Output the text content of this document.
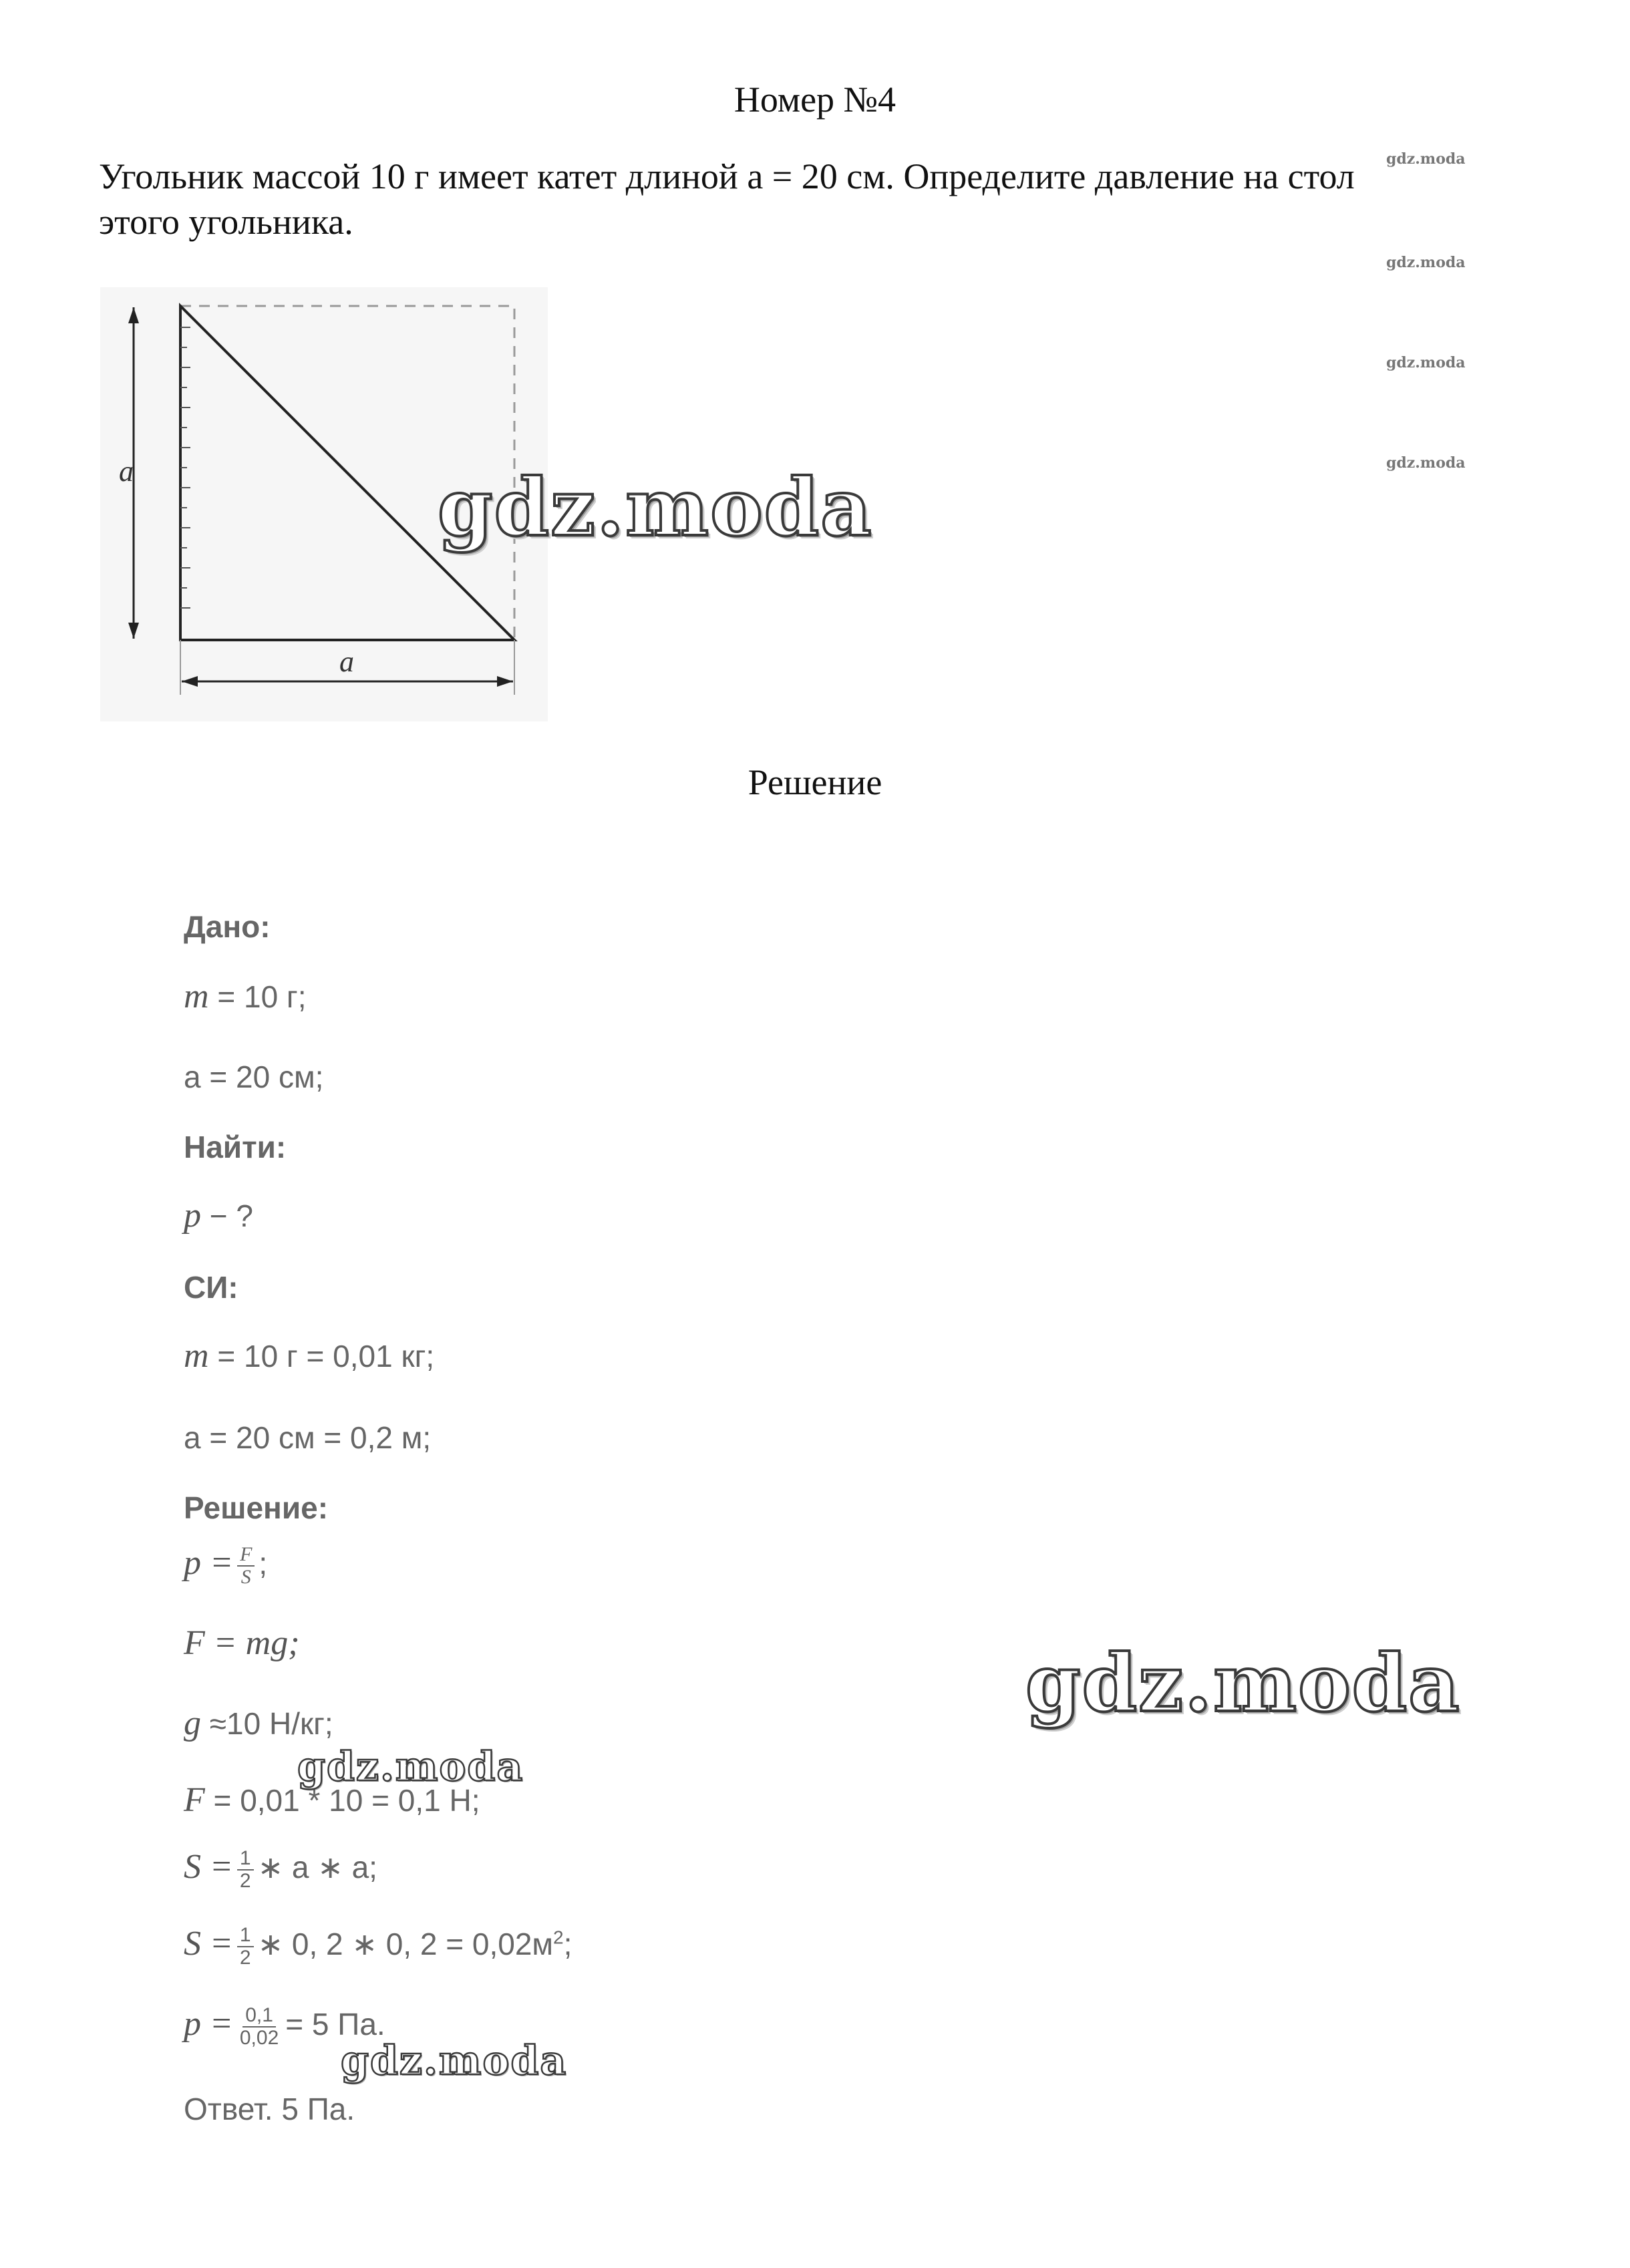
Номер №4
Угольник массой 10 г имеет катет длиной a = 20 см. Определите давление на стол
этого угольника.
a
a
gdz.moda
gdz.moda
gdz.moda
gdz.moda
gdz.moda
Решение
Дано:
m = 10 г;
a = 20 см;
Найти:
p − ?
СИ:
m = 10 г = 0,01 кг;
a = 20 см = 0,2 м;
Решение:
$p = \frac{F}{S}$ ;
F = mg;
g ≈10 Н/кг;
gdz.moda
gdz.moda
F = 0,01 * 10 = 0,1 Н;
$S = \frac{1}{2}$ ∗ a ∗ a;
$S = \frac{1}{2}$ ∗ 0, 2 ∗ 0, $2 = 0,02м^2$;
$p = \frac{0,1}{0,02} = 5$ Па.
gdz.moda
Ответ. 5 Па.
